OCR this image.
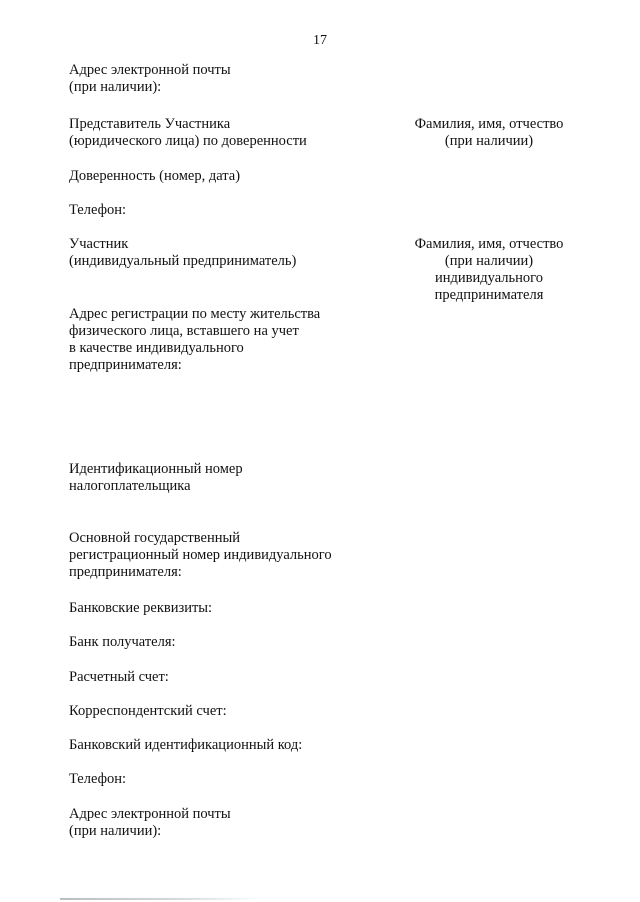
17
Адрес электронной почты
(при наличии):
Представитель Участника
(юридического лица) по доверенности
Фамилия, имя, отчество
(при наличии)
Доверенность (номер, дата)
Телефон:
Участник
(индивидуальный предприниматель)
Фамилия, имя, отчество
(при наличии)
индивидуального
предпринимателя
Адрес регистрации по месту жительства
физического лица, вставшего на учет
в качестве индивидуального
предпринимателя:
Идентификационный номер
налогоплательщика
Основной государственный
регистрационный номер индивидуального
предпринимателя:
Банковские реквизиты:
Банк получателя:
Расчетный счет:
Корреспондентский счет:
Банковский идентификационный код:
Телефон:
Адрес электронной почты
(при наличии):
